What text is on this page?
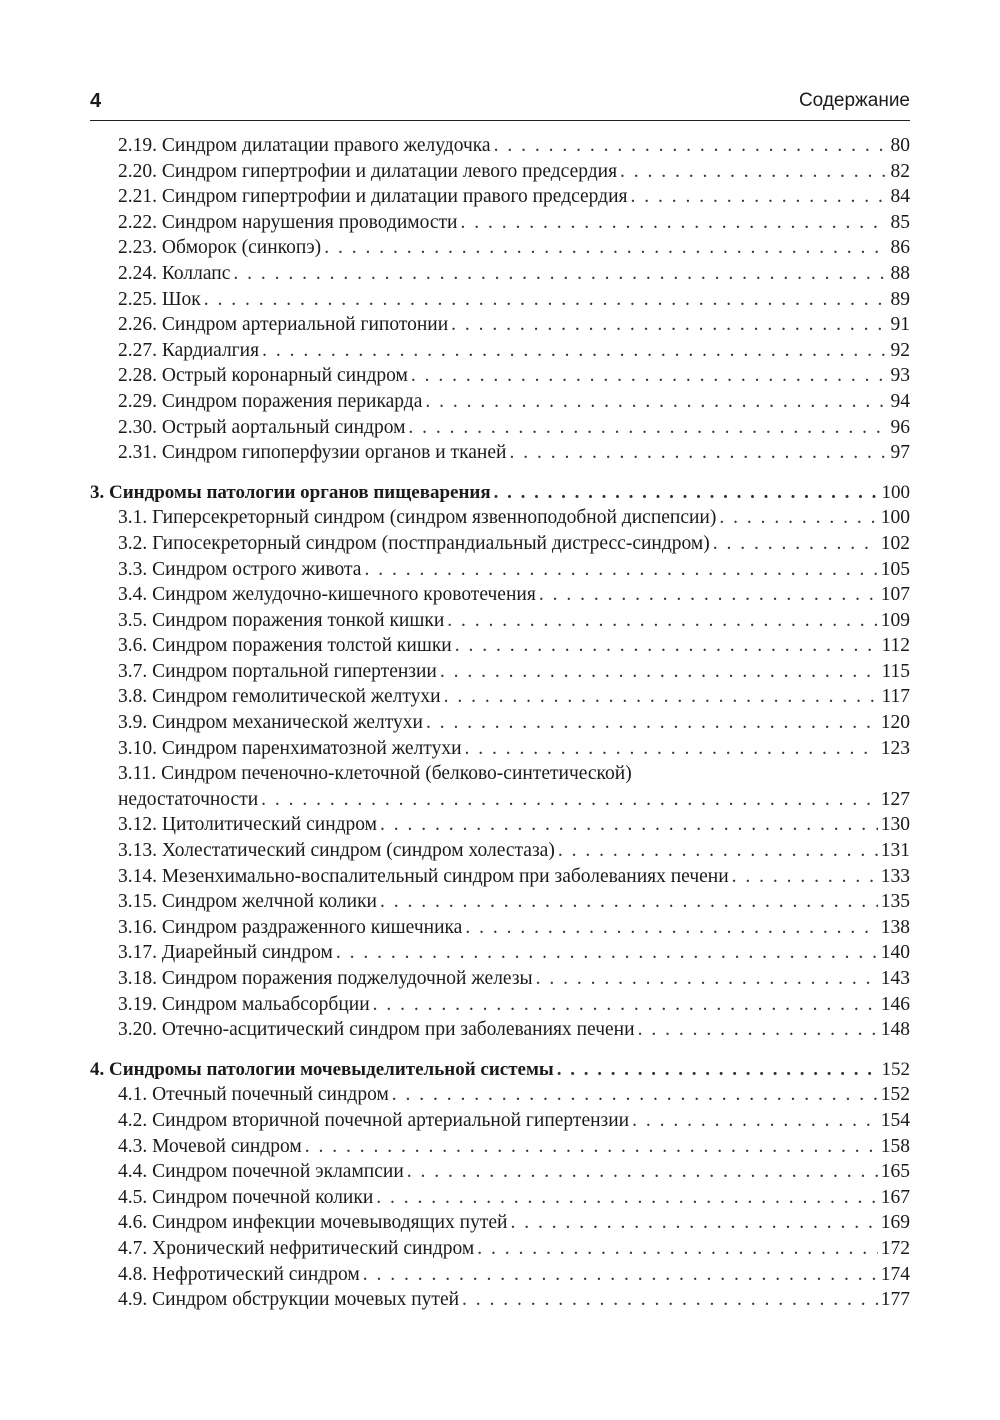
4	Содержание
2.19. Синдром дилатации правого желудочка . . .	80
2.20. Синдром гипертрофии и дилатации левого предсердия . . .	82
2.21. Синдром гипертрофии и дилатации правого предсердия . . .	84
2.22. Синдром нарушения проводимости . . .	85
2.23. Обморок (синкопэ) . . .	86
2.24. Коллапс . . .	88
2.25. Шок . . .	89
2.26. Синдром артериальной гипотонии . . .	91
2.27. Кардиалгия . . .	92
2.28. Острый коронарный синдром . . .	93
2.29. Синдром поражения перикарда . . .	94
2.30. Острый аортальный синдром . . .	96
2.31. Синдром гипоперфузии органов и тканей . . .	97
3. Синдромы патологии органов пищеварения . . .	100
3.1. Гиперсекреторный синдром (синдром язвенноподобной диспепсии) . . .	100
3.2. Гипосекреторный синдром (постпрандиальный дистресс-синдром) . . .	102
3.3. Синдром острого живота . . .	105
3.4. Синдром желудочно-кишечного кровотечения . . .	107
3.5. Синдром поражения тонкой кишки . . .	109
3.6. Синдром поражения толстой кишки . . .	112
3.7. Синдром портальной гипертензии . . .	115
3.8. Синдром гемолитической желтухи . . .	117
3.9. Синдром механической желтухи . . .	120
3.10. Синдром паренхиматозной желтухи . . .	123
3.11. Синдром печеночно-клеточной (белково-синтетической)
недостаточности . . .	127
3.12. Цитолитический синдром . . .	130
3.13. Холестатический синдром (синдром холестаза) . . .	131
3.14. Мезенхимально-воспалительный синдром при заболеваниях печени . . .	133
3.15. Синдром желчной колики . . .	135
3.16. Синдром раздраженного кишечника . . .	138
3.17. Диарейный синдром . . .	140
3.18. Синдром поражения поджелудочной железы . . .	143
3.19. Синдром мальабсорбции . . .	146
3.20. Отечно-асцитический синдром при заболеваниях печени . . .	148
4. Синдромы патологии мочевыделительной системы . . .	152
4.1. Отечный почечный синдром . . .	152
4.2. Синдром вторичной почечной артериальной гипертензии . . .	154
4.3. Мочевой синдром . . .	158
4.4. Синдром почечной эклампсии . . .	165
4.5. Синдром почечной колики . . .	167
4.6. Синдром инфекции мочевыводящих путей . . .	169
4.7. Хронический нефритический синдром . . .	172
4.8. Нефротический синдром . . .	174
4.9. Синдром обструкции мочевых путей . . .	177
